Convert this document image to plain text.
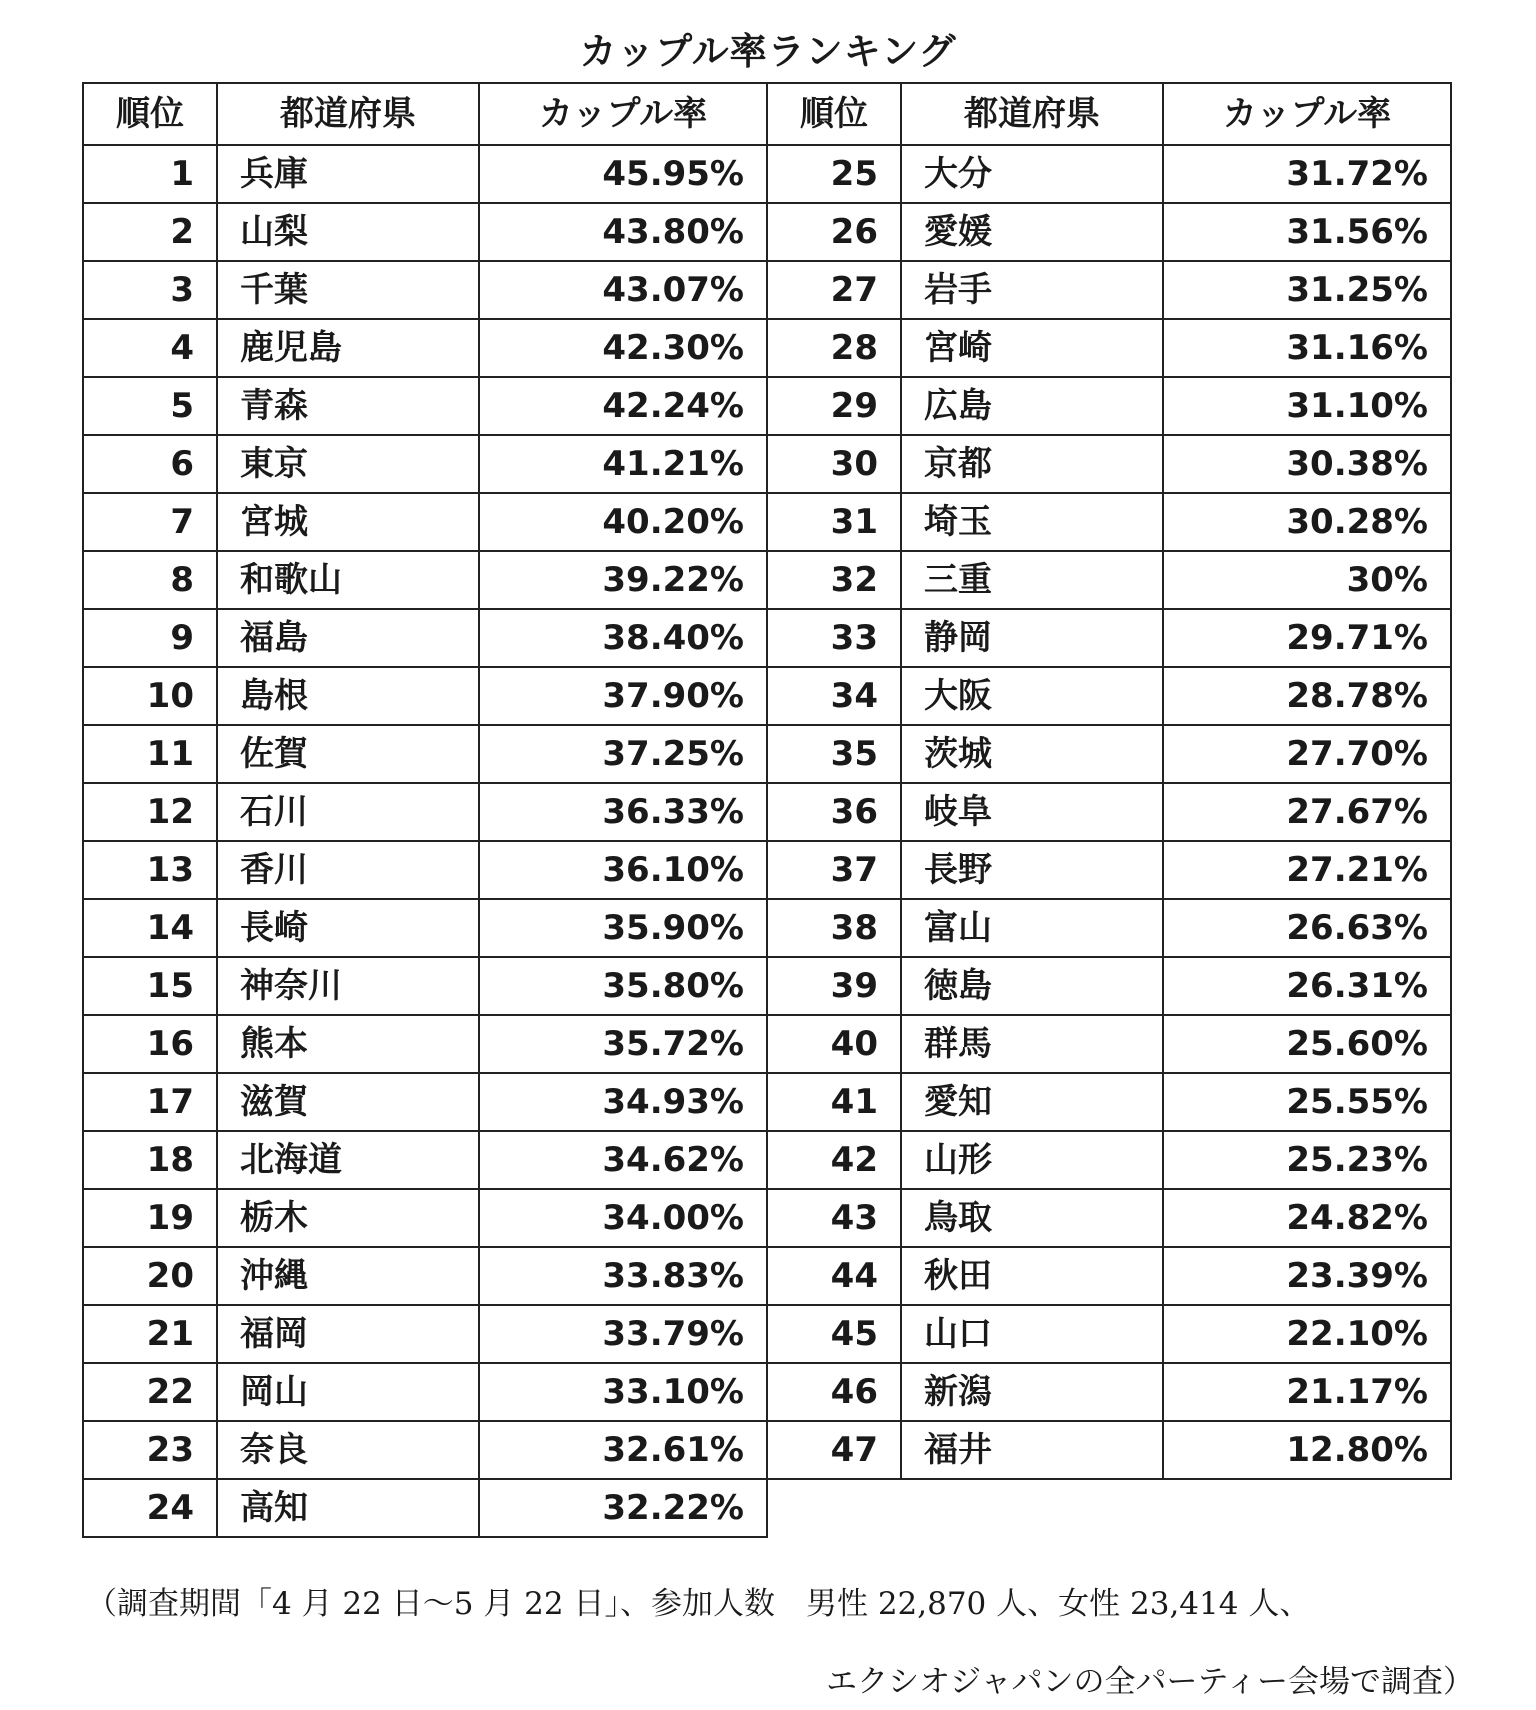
カップル率ランキング
順位	都道府県	カップル率
1	兵庫	45.95%
2	山梨	43.80%
3	千葉	43.07%
4	鹿児島	42.30%
5	青森	42.24%
6	東京	41.21%
7	宮城	40.20%
8	和歌山	39.22%
9	福島	38.40%
10	島根	37.90%
11	佐賀	37.25%
12	石川	36.33%
13	香川	36.10%
14	長崎	35.90%
15	神奈川	35.80%
16	熊本	35.72%
17	滋賀	34.93%
18	北海道	34.62%
19	栃木	34.00%
20	沖縄	33.83%
21	福岡	33.79%
22	岡山	33.10%
23	奈良	32.61%
24	高知	32.22%
順位	都道府県	カップル率
25	大分	31.72%
26	愛媛	31.56%
27	岩手	31.25%
28	宮崎	31.16%
29	広島	31.10%
30	京都	30.38%
31	埼玉	30.28%
32	三重	30%
33	静岡	29.71%
34	大阪	28.78%
35	茨城	27.70%
36	岐阜	27.67%
37	長野	27.21%
38	富山	26.63%
39	徳島	26.31%
40	群馬	25.60%
41	愛知	25.55%
42	山形	25.23%
43	鳥取	24.82%
44	秋田	23.39%
45	山口	22.10%
46	新潟	21.17%
47	福井	12.80%
（調査期間「4 月 22 日～5 月 22 日」、参加人数　男性 22,870 人、女性 23,414 人、
エクシオジャパンの全パーティー会場で調査）
